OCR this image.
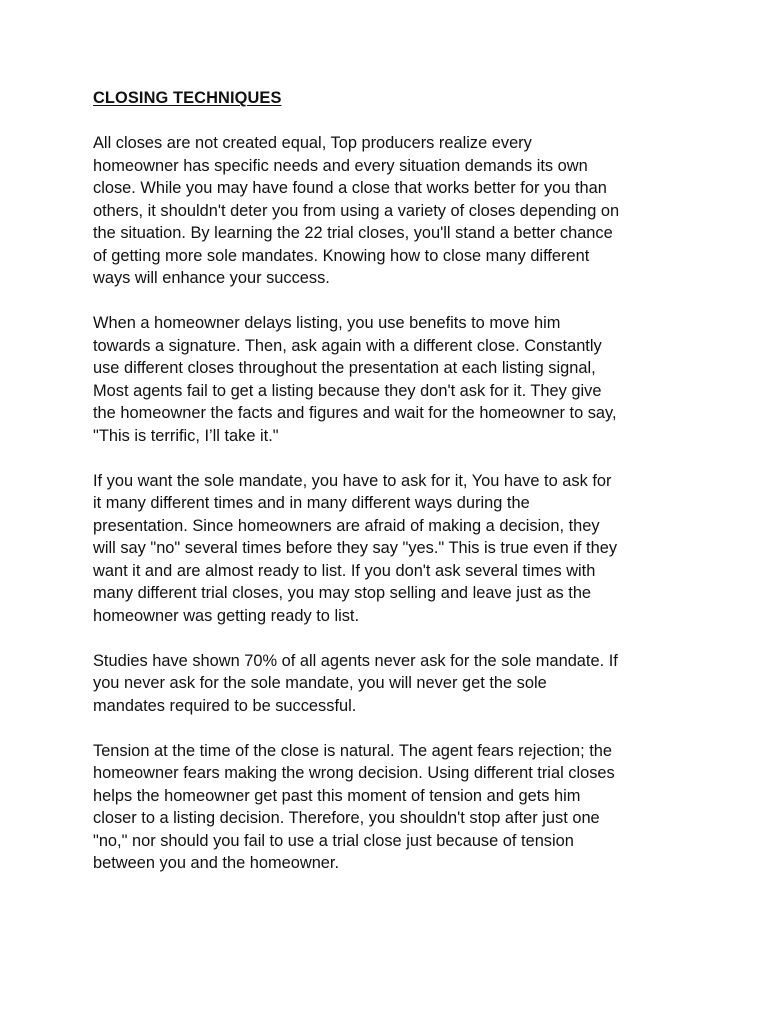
CLOSING TECHNIQUES
All closes are not created equal, Top producers realize every
homeowner has specific needs and every situation demands its own
close. While you may have found a close that works better for you than
others, it shouldn't deter you from using a variety of closes depending on
the situation. By learning the 22 trial closes, you'll stand a better chance
of getting more sole mandates. Knowing how to close many different
ways will enhance your success.
When a homeowner delays listing, you use benefits to move him
towards a signature. Then, ask again with a different close. Constantly
use different closes throughout the presentation at each listing signal,
Most agents fail to get a listing because they don't ask for it. They give
the homeowner the facts and figures and wait for the homeowner to say,
"This is terrific, I’ll take it."
If you want the sole mandate, you have to ask for it, You have to ask for
it many different times and in many different ways during the
presentation. Since homeowners are afraid of making a decision, they
will say "no" several times before they say "yes." This is true even if they
want it and are almost ready to list. If you don't ask several times with
many different trial closes, you may stop selling and leave just as the
homeowner was getting ready to list.
Studies have shown 70% of all agents never ask for the sole mandate. If
you never ask for the sole mandate, you will never get the sole
mandates required to be successful.
Tension at the time of the close is natural. The agent fears rejection; the
homeowner fears making the wrong decision. Using different trial closes
helps the homeowner get past this moment of tension and gets him
closer to a listing decision. Therefore, you shouldn't stop after just one
"no," nor should you fail to use a trial close just because of tension
between you and the homeowner.
